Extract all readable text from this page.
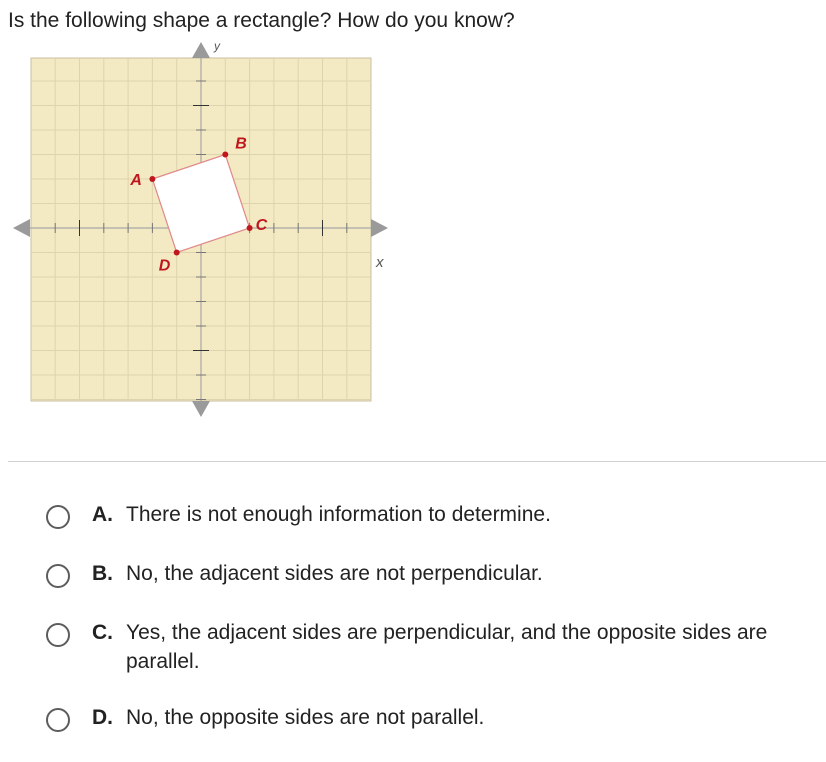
Is the following shape a rectangle? How do you know?
A
B
C
D	x
y
A. There is not enough information to determine.
B. No, the adjacent sides are not perpendicular.
C. Yes, the adjacent sides are perpendicular, and the opposite sides are parallel.
D. No, the opposite sides are not parallel.
